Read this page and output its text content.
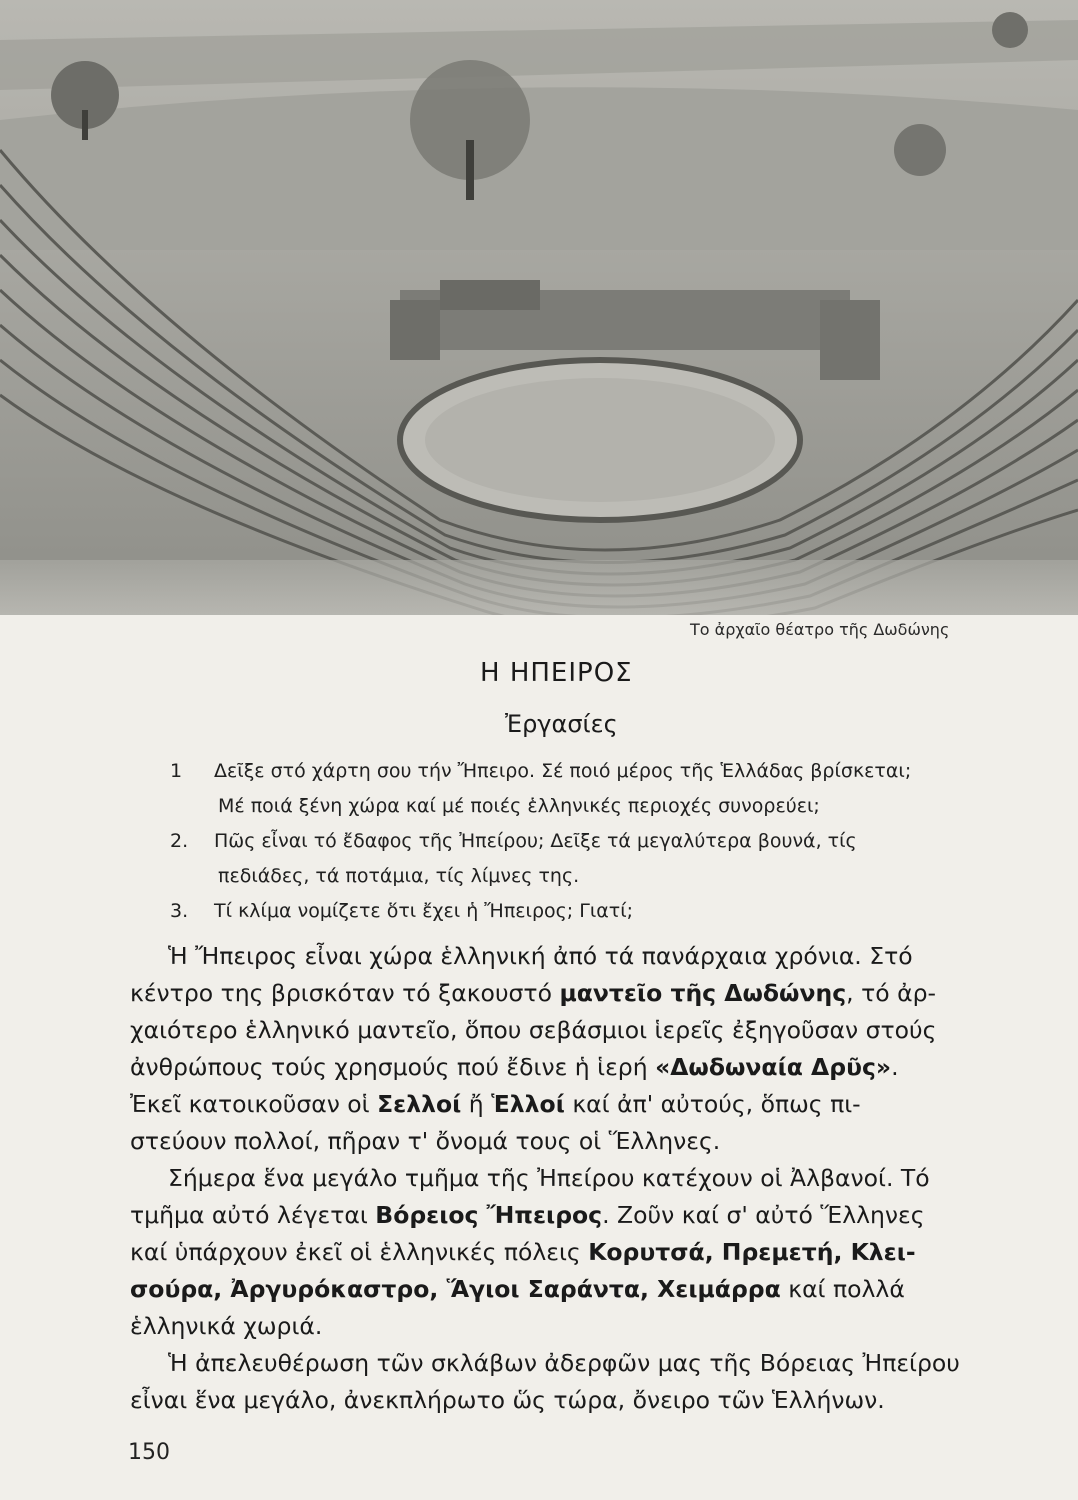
Το ἀρχαῖο θέατρο τῆς Δωδώνης
Η ΗΠΕΙΡΟΣ
Ἐργασίες
1	Δεῖξε στό χάρτη σου τήν Ἤπειρο. Σέ ποιό μέρος τῆς Ἑλλάδας βρίσκεται;
Μέ ποιά ξένη χώρα καί μέ ποιές ἑλληνικές περιοχές συνορεύει;
2.	Πῶς εἶναι τό ἔδαφος τῆς Ἠπείρου; Δεῖξε τά μεγαλύτερα βουνά, τίς
πεδιάδες, τά ποτάμια, τίς λίμνες της.
3.	Τί κλίμα νομίζετε ὅτι ἔχει ἡ Ἤπειρος; Γιατί;
Ἡ Ἤπειρος εἶναι χώρα ἑλληνική ἀπό τά πανάρχαια χρόνια. Στό
κέντρο της βρισκόταν τό ξακουστό μαντεῖο τῆς Δωδώνης, τό ἀρ-
χαιότερο ἑλληνικό μαντεῖο, ὅπου σεβάσμιοι ἱερεῖς ἐξηγοῦσαν στούς
ἀνθρώπους τούς χρησμούς πού ἔδινε ἡ ἱερή «Δωδωναία Δρῦς».
Ἐκεῖ κατοικοῦσαν οἱ Σελλοί ἤ Ἑλλοί καί ἀπ' αὐτούς, ὅπως πι-
στεύουν πολλοί, πῆραν τ' ὄνομά τους οἱ Ἕλληνες.
Σήμερα ἕνα μεγάλο τμῆμα τῆς Ἠπείρου κατέχουν οἱ Ἀλβανοί. Τό
τμῆμα αὐτό λέγεται Βόρειος Ἤπειρος. Ζοῦν καί σ' αὐτό Ἕλληνες
καί ὑπάρχουν ἐκεῖ οἱ ἑλληνικές πόλεις Κορυτσά, Πρεμετή, Κλει-
σούρα, Ἀργυρόκαστρο, Ἅγιοι Σαράντα, Χειμάρρα καί πολλά
ἑλληνικά χωριά.
Ἡ ἀπελευθέρωση τῶν σκλάβων ἀδερφῶν μας τῆς Βόρειας Ἠπείρου
εἶναι ἕνα μεγάλο, ἀνεκπλήρωτο ὥς τώρα, ὄνειρο τῶν Ἑλλήνων.
150
